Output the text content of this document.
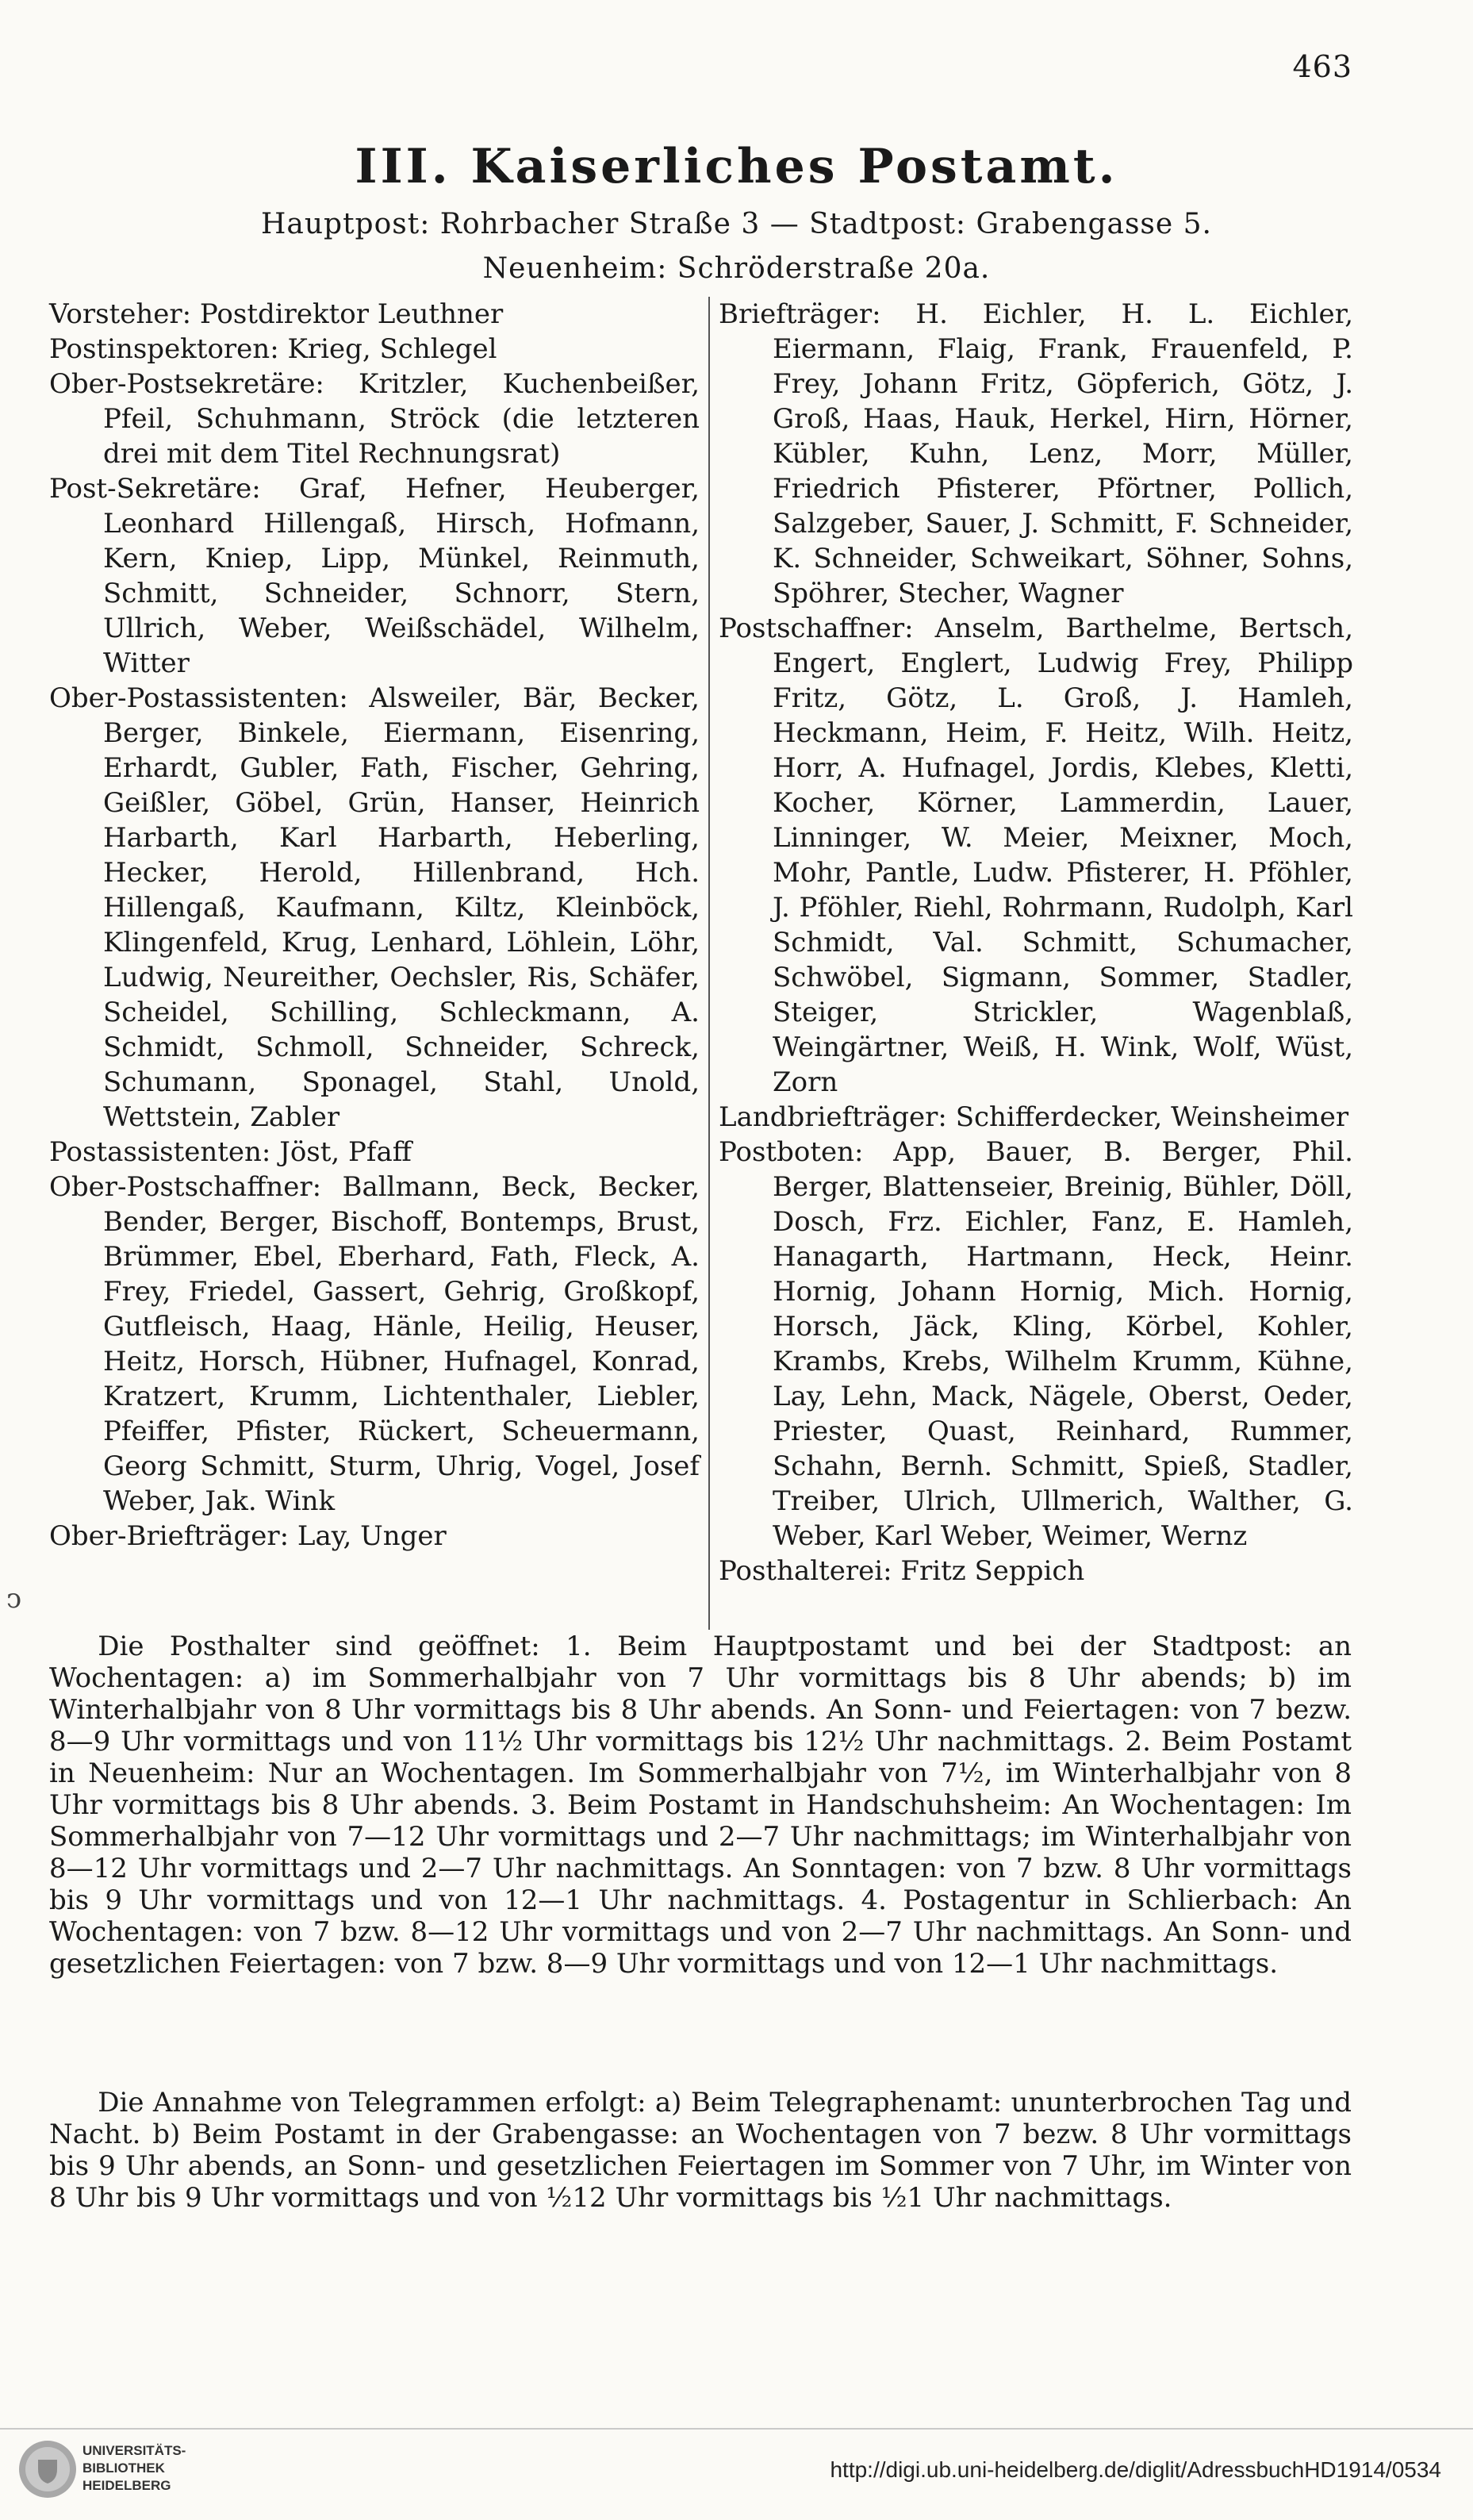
463
III. Kaiserliches Postamt.
Hauptpost: Rohrbacher Straße 3 — Stadtpost: Grabengasse 5.
Neuenheim: Schröderstraße 20a.

Vorsteher: Postdirektor Leuthner

Postinspektoren: Krieg, Schlegel

Ober-Postsekretäre: Kritzler, Kuchenbeißer, Pfeil, Schuhmann, Ströck (die letzteren drei mit dem Titel Rechnungsrat)

Post-Sekretäre: Graf, Hefner, Heuberger, Leonhard Hillengaß, Hirsch, Hofmann, Kern, Kniep, Lipp, Münkel, Reinmuth, Schmitt, Schneider, Schnorr, Stern, Ullrich, Weber, Weißschädel, Wilhelm, Witter

Ober-Postassistenten: Alsweiler, Bär, Becker, Berger, Binkele, Eiermann, Eisenring, Erhardt, Gubler, Fath, Fischer, Gehring, Geißler, Göbel, Grün, Hanser, Heinrich Harbarth, Karl Harbarth, Heberling, Hecker, Herold, Hillenbrand, Hch. Hillengaß, Kaufmann, Kiltz, Kleinböck, Klingenfeld, Krug, Lenhard, Löhlein, Löhr, Ludwig, Neureither, Oechsler, Ris, Schäfer, Scheidel, Schilling, Schleckmann, A. Schmidt, Schmoll, Schneider, Schreck, Schumann, Sponagel, Stahl, Unold, Wettstein, Zabler

Postassistenten: Jöst, Pfaff

Ober-Postschaffner: Ballmann, Beck, Becker, Bender, Berger, Bischoff, Bontemps, Brust, Brümmer, Ebel, Eberhard, Fath, Fleck, A. Frey, Friedel, Gassert, Gehrig, Großkopf, Gutfleisch, Haag, Hänle, Heilig, Heuser, Heitz, Horsch, Hübner, Hufnagel, Konrad, Kratzert, Krumm, Lichtenthaler, Liebler, Pfeiffer, Pfister, Rückert, Scheuermann, Georg Schmitt, Sturm, Uhrig, Vogel, Josef Weber, Jak. Wink

Ober-Briefträger: Lay, Unger

Briefträger: H. Eichler, H. L. Eichler, Eiermann, Flaig, Frank, Frauenfeld, P. Frey, Johann Fritz, Göpferich, Götz, J. Groß, Haas, Hauk, Herkel, Hirn, Hörner, Kübler, Kuhn, Lenz, Morr, Müller, Friedrich Pfisterer, Pförtner, Pollich, Salzgeber, Sauer, J. Schmitt, F. Schneider, K. Schneider, Schweikart, Söhner, Sohns, Spöhrer, Stecher, Wagner

Postschaffner: Anselm, Barthelme, Bertsch, Engert, Englert, Ludwig Frey, Philipp Fritz, Götz, L. Groß, J. Hamleh, Heckmann, Heim, F. Heitz, Wilh. Heitz, Horr, A. Hufnagel, Jordis, Klebes, Kletti, Kocher, Körner, Lammerdin, Lauer, Linninger, W. Meier, Meixner, Moch, Mohr, Pantle, Ludw. Pfisterer, H. Pföhler, J. Pföhler, Riehl, Rohrmann, Rudolph, Karl Schmidt, Val. Schmitt, Schumacher, Schwöbel, Sigmann, Sommer, Stadler, Steiger, Strickler, Wagenblaß, Weingärtner, Weiß, H. Wink, Wolf, Wüst, Zorn

Landbriefträger: Schifferdecker, Weinsheimer

Postboten: App, Bauer, B. Berger, Phil. Berger, Blattenseier, Breinig, Bühler, Döll, Dosch, Frz. Eichler, Fanz, E. Hamleh, Hanagarth, Hartmann, Heck, Heinr. Hornig, Johann Hornig, Mich. Hornig, Horsch, Jäck, Kling, Körbel, Kohler, Krambs, Krebs, Wilhelm Krumm, Kühne, Lay, Lehn, Mack, Nägele, Oberst, Oeder, Priester, Quast, Reinhard, Rummer, Schahn, Bernh. Schmitt, Spieß, Stadler, Treiber, Ulrich, Ullmerich, Walther, G. Weber, Karl Weber, Weimer, Wernz

Posthalterei: Fritz Seppich

ↄ

Die Posthalter sind geöffnet: 1. Beim Hauptpostamt und bei der Stadtpost: an Wochentagen: a) im Sommerhalbjahr von 7 Uhr vormittags bis 8 Uhr abends; b) im Winterhalbjahr von 8 Uhr vormittags bis 8 Uhr abends. An Sonn- und Feiertagen: von 7 bezw. 8—9 Uhr vormittags und von 11½ Uhr vormittags bis 12½ Uhr nachmittags. 2. Beim Postamt in Neuenheim: Nur an Wochentagen. Im Sommerhalbjahr von 7½, im Winterhalbjahr von 8 Uhr vormittags bis 8 Uhr abends. 3. Beim Postamt in Handschuhsheim: An Wochentagen: Im Sommerhalbjahr von 7—12 Uhr vormittags und 2—7 Uhr nachmittags; im Winterhalbjahr von 8—12 Uhr vormittags und 2—7 Uhr nachmittags. An Sonntagen: von 7 bzw. 8 Uhr vormittags bis 9 Uhr vormittags und von 12—1 Uhr nachmittags. 4. Postagentur in Schlierbach: An Wochentagen: von 7 bzw. 8—12 Uhr vormittags und von 2—7 Uhr nachmittags. An Sonn- und gesetzlichen Feiertagen: von 7 bzw. 8—9 Uhr vormittags und von 12—1 Uhr nachmittags.

Die Annahme von Telegrammen erfolgt: a) Beim Telegraphenamt: ununterbrochen Tag und Nacht. b) Beim Postamt in der Grabengasse: an Wochentagen von 7 bezw. 8 Uhr vormittags bis 9 Uhr abends, an Sonn- und gesetzlichen Feiertagen im Sommer von 7 Uhr, im Winter von 8 Uhr bis 9 Uhr vormittags und von ½12 Uhr vormittags bis ½1 Uhr nachmittags.

UNIVERSITÄTS-
BIBLIOTHEK
HEIDELBERG
http://digi.ub.uni-heidelberg.de/diglit/AdressbuchHD1914/0534
